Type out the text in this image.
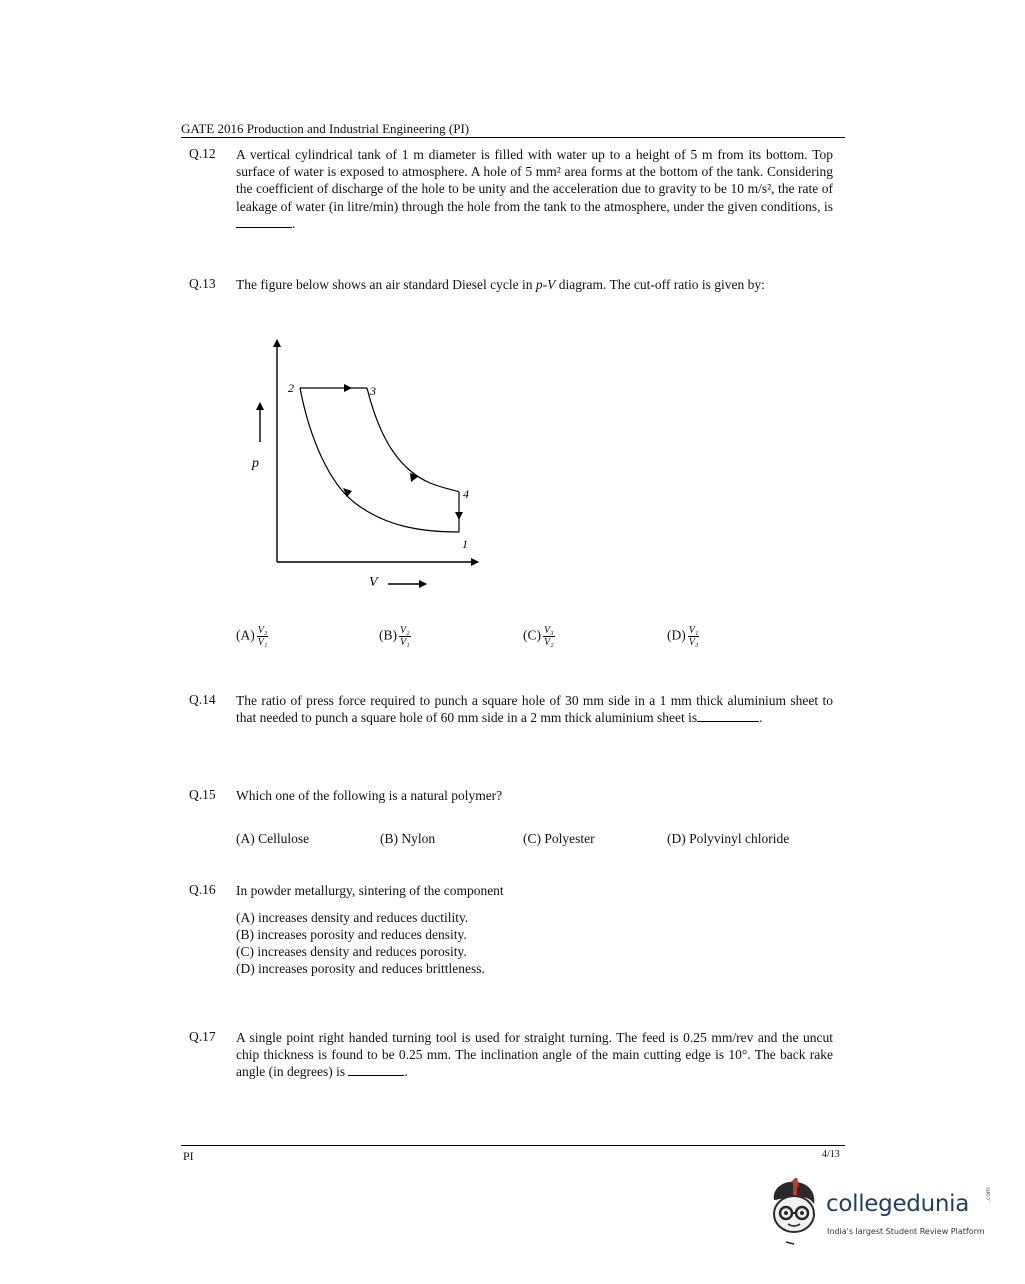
GATE 2016 Production and Industrial Engineering (PI)
Q.12 A vertical cylindrical tank of 1 m diameter is filled with water up to a height of 5 m from its bottom. Top surface of water is exposed to atmosphere. A hole of 5 mm² area forms at the bottom of the tank. Considering the coefficient of discharge of the hole to be unity and the acceleration due to gravity to be 10 m/s², the rate of leakage of water (in litre/min) through the hole from the tank to the atmosphere, under the given conditions, is .
Q.13 The figure below shows an air standard Diesel cycle in p-V diagram. The cut-off ratio is given by:
p
V
2	3
4
1
$(A) \frac{\text{V₃}}{\text{V₁}}$	$(B) \frac{\text{V₂}}{\text{V₁}}$	$(C) \frac{\text{V₃}}{\text{V₂}}$	$(D) \frac{\text{V₁}}{\text{V₃}}$
Q.14 The ratio of press force required to punch a square hole of 30 mm side in a 1 mm thick aluminium sheet to that needed to punch a square hole of 60 mm side in a 2 mm thick aluminium sheet is	.
Q.15 Which one of the following is a natural polymer?
(A) Cellulose	(B) Nylon	(C) Polyester	(D) Polyvinyl chloride
Q.16 In powder metallurgy, sintering of the component
(A) increases density and reduces ductility.
(B) increases porosity and reduces density.
(C) increases density and reduces porosity.
(D) increases porosity and reduces brittleness.
Q.17 A single point right handed turning tool is used for straight turning. The feed is 0.25 mm/rev and the uncut chip thickness is found to be 0.25 mm. The inclination angle of the main cutting edge is 10°. The back rake angle (in degrees) is	.
PI	4/13
collegedunia	.com
India's largest Student Review Platform
